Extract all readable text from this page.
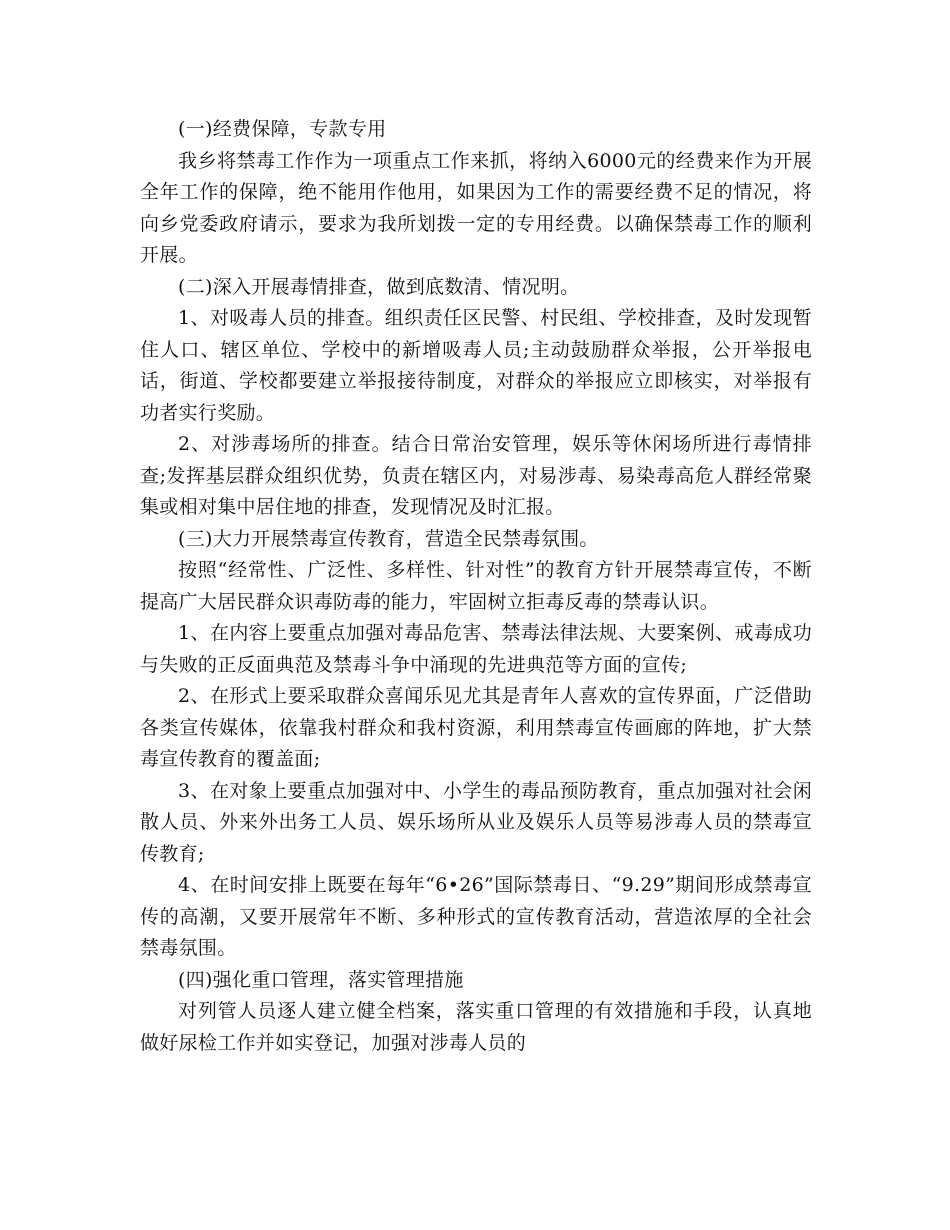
(一)经费保障，专款专用

我乡将禁毒工作作为一项重点工作来抓，将纳入6000元的经费来作为开展全年工作的保障，绝不能用作他用，如果因为工作的需要经费不足的情况，将向乡党委政府请示，要求为我所划拨一定的专用经费。以确保禁毒工作的顺利开展。

(二)深入开展毒情排查，做到底数清、情况明。

1、对吸毒人员的排查。组织责任区民警、村民组、学校排查，及时发现暂住人口、辖区单位、学校中的新增吸毒人员;主动鼓励群众举报，公开举报电话，街道、学校都要建立举报接待制度，对群众的举报应立即核实，对举报有功者实行奖励。

2、对涉毒场所的排查。结合日常治安管理，娱乐等休闲场所进行毒情排查;发挥基层群众组织优势，负责在辖区内，对易涉毒、易染毒高危人群经常聚集或相对集中居住地的排查，发现情况及时汇报。

(三)大力开展禁毒宣传教育，营造全民禁毒氛围。

按照“经常性、广泛性、多样性、针对性”的教育方针开展禁毒宣传，不断提高广大居民群众识毒防毒的能力，牢固树立拒毒反毒的禁毒认识。

1、在内容上要重点加强对毒品危害、禁毒法律法规、大要案例、戒毒成功与失败的正反面典范及禁毒斗争中涌现的先进典范等方面的宣传;

2、在形式上要采取群众喜闻乐见尤其是青年人喜欢的宣传界面，广泛借助各类宣传媒体，依靠我村群众和我村资源，利用禁毒宣传画廊的阵地，扩大禁毒宣传教育的覆盖面;

3、在对象上要重点加强对中、小学生的毒品预防教育，重点加强对社会闲散人员、外来外出务工人员、娱乐场所从业及娱乐人员等易涉毒人员的禁毒宣传教育;

4、在时间安排上既要在每年“6•26”国际禁毒日、“9.29”期间形成禁毒宣传的高潮，又要开展常年不断、多种形式的宣传教育活动，营造浓厚的全社会禁毒氛围。

(四)强化重口管理，落实管理措施

对列管人员逐人建立健全档案，落实重口管理的有效措施和手段，认真地做好尿检工作并如实登记，加强对涉毒人员的
